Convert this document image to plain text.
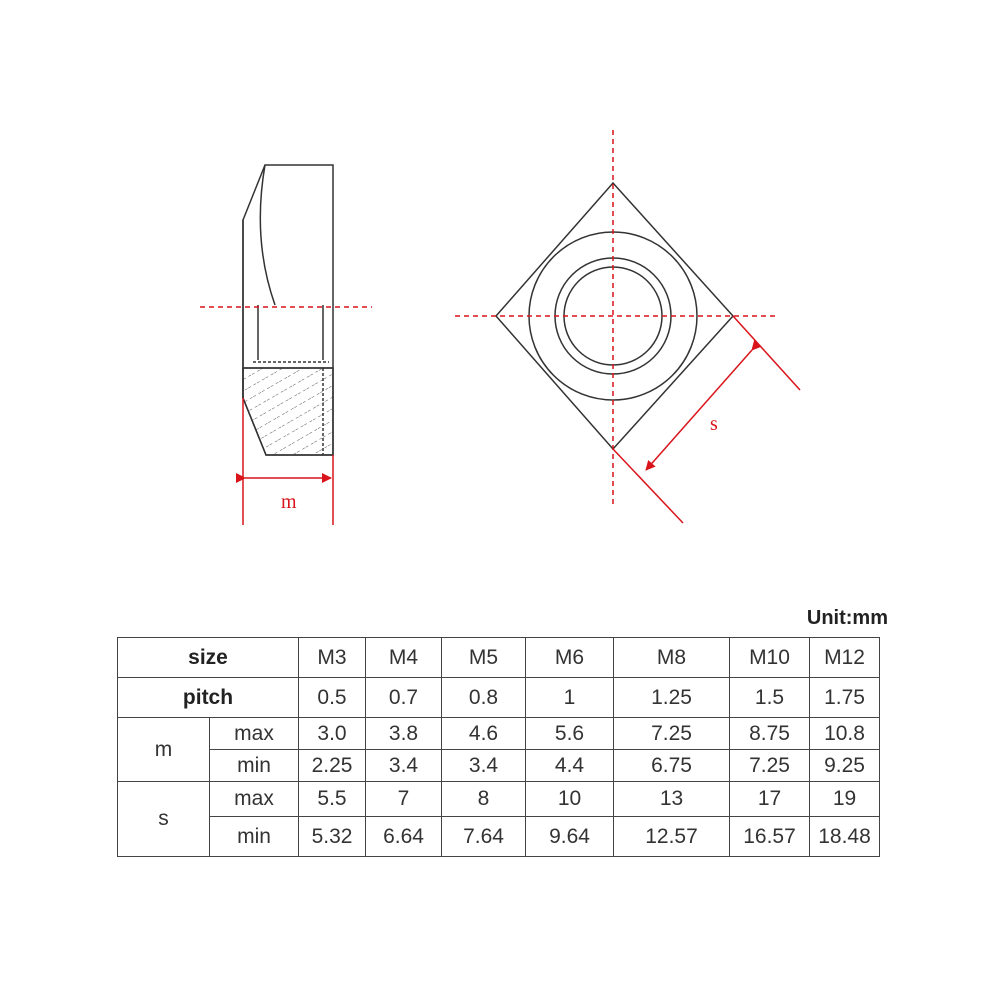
m
s
Unit:mm
size		M3	M4	M5	M6	M8	M10	M12
pitch		0.5	0.7	0.8	1	1.25	1.5	1.75
m	max	3.0	3.8	4.6	5.6	7.25	8.75	10.8
	min	2.25	3.4	3.4	4.4	6.75	7.25	9.25
s	max	5.5	7	8	10	13	17	19
	min	5.32	6.64	7.64	9.64	12.57	16.57	18.48
